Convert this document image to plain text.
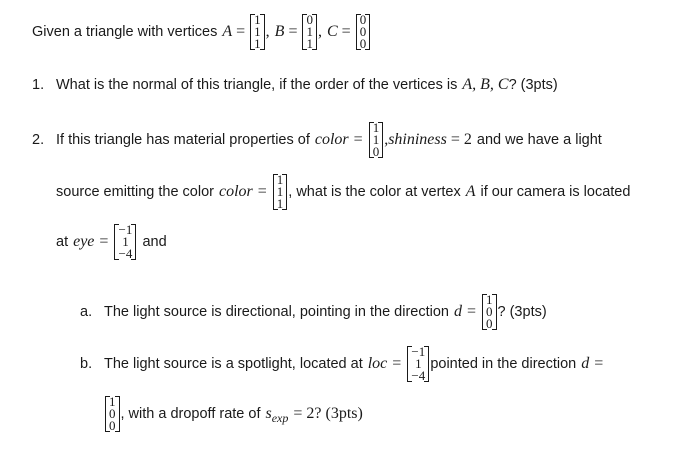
Given a triangle with vertices A =
1
1
1
, B =
0
1
1
, C =
0
0
0
1. What is the normal of this triangle, if the order of the vertices is A, B, C ? (3pts)
2. If this triangle has material properties of color =
1
1
0
, shininess = 2 and we have a light
source emitting the color color =
1
1
1
, what is the color at vertex A if our camera is located
at eye =
−1
1
−4
and
a. The light source is directional, pointing in the direction d =
1
0
0
? (3pts)
b. The light source is a spotlight, located at loc =
−1
1
−4
pointed in the direction d =
1
0
0
, with a dropoff rate of s exp = 2? (3pts)
